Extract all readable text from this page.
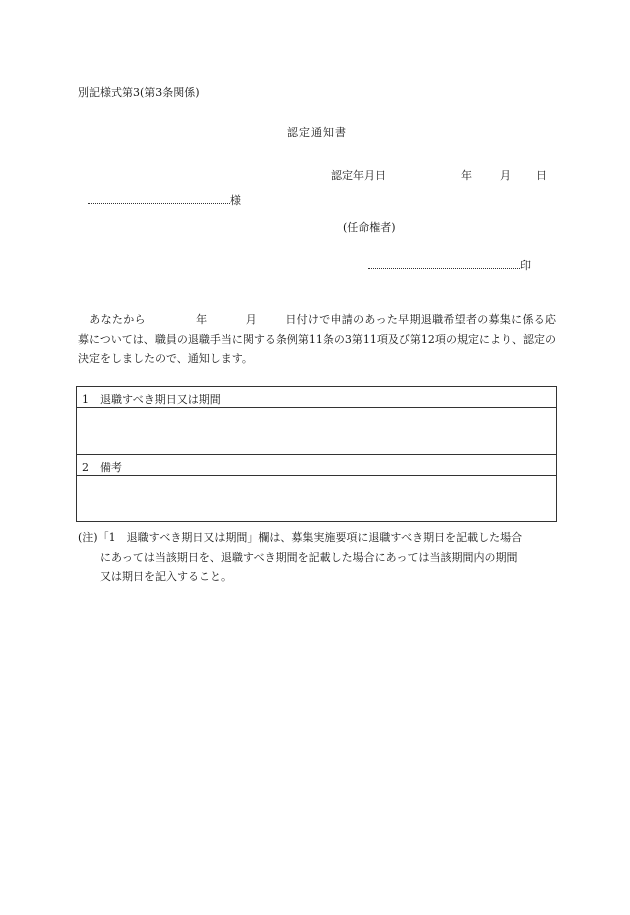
別記様式第3(第3条関係)
認定通知書
認定年月日	年	月 日
様
(任命権者)
印
あなたから	年	月	日付けで申請のあった早期退職希望者の募集に係る応募については、職員の退職手当に関する条例第11条の3第11項及び第12項の規定により、認定の決定をしましたので、通知します。
1 退職すべき期日又は期間
2 備考
(注)「1　退職すべき期日又は期間」欄は、募集実施要項に退職すべき期日を記載した場合
にあっては当該期日を、退職すべき期間を記載した場合にあっては当該期間内の期間
又は期日を記入すること。
